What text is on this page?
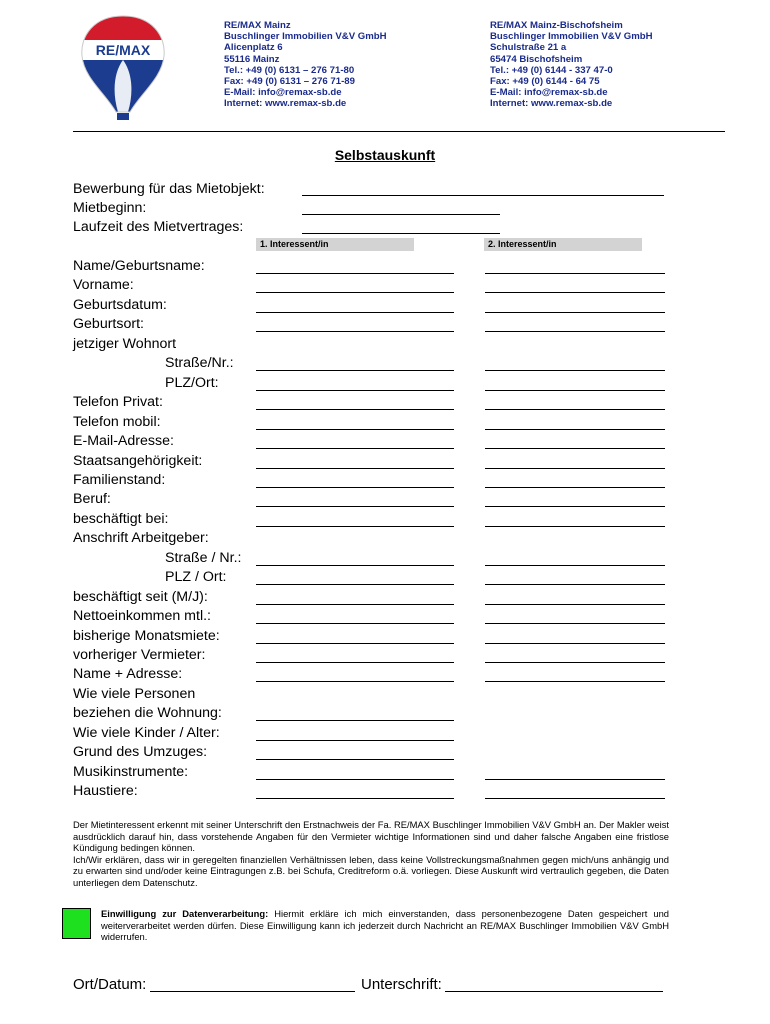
RE/MAX
RE/MAX Mainz
Buschlinger Immobilien V&V GmbH
Alicenplatz 6
55116 Mainz
Tel.: +49 (0) 6131 – 276 71-80
Fax: +49 (0) 6131 – 276 71-89
E-Mail: info@remax-sb.de
Internet: www.remax-sb.de
RE/MAX Mainz-Bischofsheim
Buschlinger Immobilien V&V GmbH
Schulstraße 21 a
65474 Bischofsheim
Tel.: +49 (0) 6144 - 337 47-0
Fax: +49 (0) 6144 - 64 75
E-Mail: info@remax-sb.de
Internet: www.remax-sb.de
Selbstauskunft
Bewerbung für das Mietobjekt:
Mietbeginn:
Laufzeit des Mietvertrages:
1. Interessent/in	2. Interessent/in
Name/Geburtsname:
Vorname:
Geburtsdatum:
Geburtsort:
jetziger Wohnort
Straße/Nr.:
PLZ/Ort:
Telefon Privat:
Telefon mobil:
E-Mail-Adresse:
Staatsangehörigkeit:
Familienstand:
Beruf:
beschäftigt bei:
Anschrift Arbeitgeber:
Straße / Nr.:
PLZ / Ort:
beschäftigt seit (M/J):
Nettoeinkommen mtl.:
bisherige Monatsmiete:
vorheriger Vermieter:
Name + Adresse:
Wie viele Personen
beziehen die Wohnung:
Wie viele Kinder / Alter:
Grund des Umzuges:
Musikinstrumente:
Haustiere:
Der Mietinteressent erkennt mit seiner Unterschrift den Erstnachweis der Fa. RE/MAX Buschlinger Immobilien V&V GmbH an. Der Makler weist ausdrücklich darauf hin, dass vorstehende Angaben für den Vermieter wichtige Informationen sind und daher falsche Angaben eine fristlose Kündigung bedingen können.
Ich/Wir erklären, dass wir in geregelten finanziellen Verhältnissen leben, dass keine Vollstreckungsmaßnahmen gegen mich/uns anhängig und zu erwarten sind und/oder keine Eintragungen z.B. bei Schufa, Creditreform o.ä. vorliegen. Diese Auskunft wird vertraulich gegeben, die Daten unterliegen dem Datenschutz.
Einwilligung zur Datenverarbeitung: Hiermit erkläre ich mich einverstanden, dass personenbezogene Daten gespeichert und weiterverarbeitet werden dürfen. Diese Einwilligung kann ich jederzeit durch Nachricht an RE/MAX Buschlinger Immobilien V&V GmbH widerrufen.
Ort/Datum:	Unterschrift:
